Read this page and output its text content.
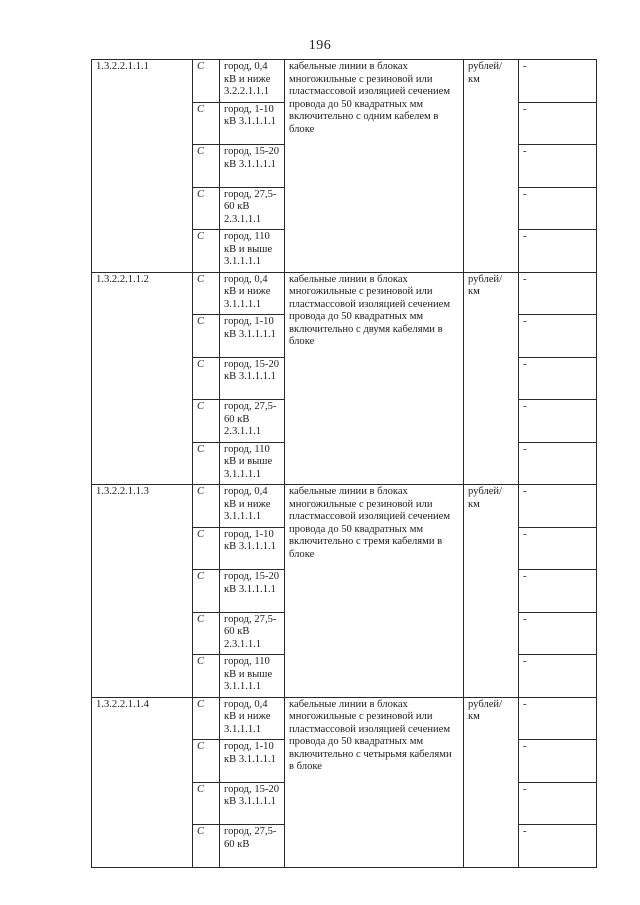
196
1.3.2.2.1.1.1	C	город, 0,4 кВ и ниже 3.2.2.1.1.1	кабельные линии в блоках многожильные с резиновой или пластмассовой изоляцией сечением провода до 50 квадратных мм включительно с одним кабелем в блоке	рублей/ км	-
	C	город, 1-10 кВ 3.1.1.1.1			-
	C	город, 15-20 кВ 3.1.1.1.1			-
	C	город, 27,5-60 кВ 2.3.1.1.1			-
	C	город, 110 кВ и выше 3.1.1.1.1			-
1.3.2.2.1.1.2	C	город, 0,4 кВ и ниже 3.1.1.1.1	кабельные линии в блоках многожильные с резиновой или пластмассовой изоляцией сечением провода до 50 квадратных мм включительно с двумя кабелями в блоке	рублей/ км	-
	C	город, 1-10 кВ 3.1.1.1.1			-
	C	город, 15-20 кВ 3.1.1.1.1			-
	C	город, 27,5-60 кВ 2.3.1.1.1			-
	C	город, 110 кВ и выше 3.1.1.1.1			-
1.3.2.2.1.1.3	C	город, 0,4 кВ и ниже 3.1.1.1.1	кабельные линии в блоках многожильные с резиновой или пластмассовой изоляцией сечением провода до 50 квадратных мм включительно с тремя кабелями в блоке	рублей/ км	-
	C	город, 1-10 кВ 3.1.1.1.1			-
	C	город, 15-20 кВ 3.1.1.1.1			-
	C	город, 27,5-60 кВ 2.3.1.1.1			-
	C	город, 110 кВ и выше 3.1.1.1.1			-
1.3.2.2.1.1.4	C	город, 0,4 кВ и ниже 3.1.1.1.1	кабельные линии в блоках многожильные с резиновой или пластмассовой изоляцией сечением провода до 50 квадратных мм включительно с четырьмя кабелями в блоке	рублей/ км	-
	C	город, 1-10 кВ 3.1.1.1.1			-
	C	город, 15-20 кВ 3.1.1.1.1			-
	C	город, 27,5-60 кВ			-
